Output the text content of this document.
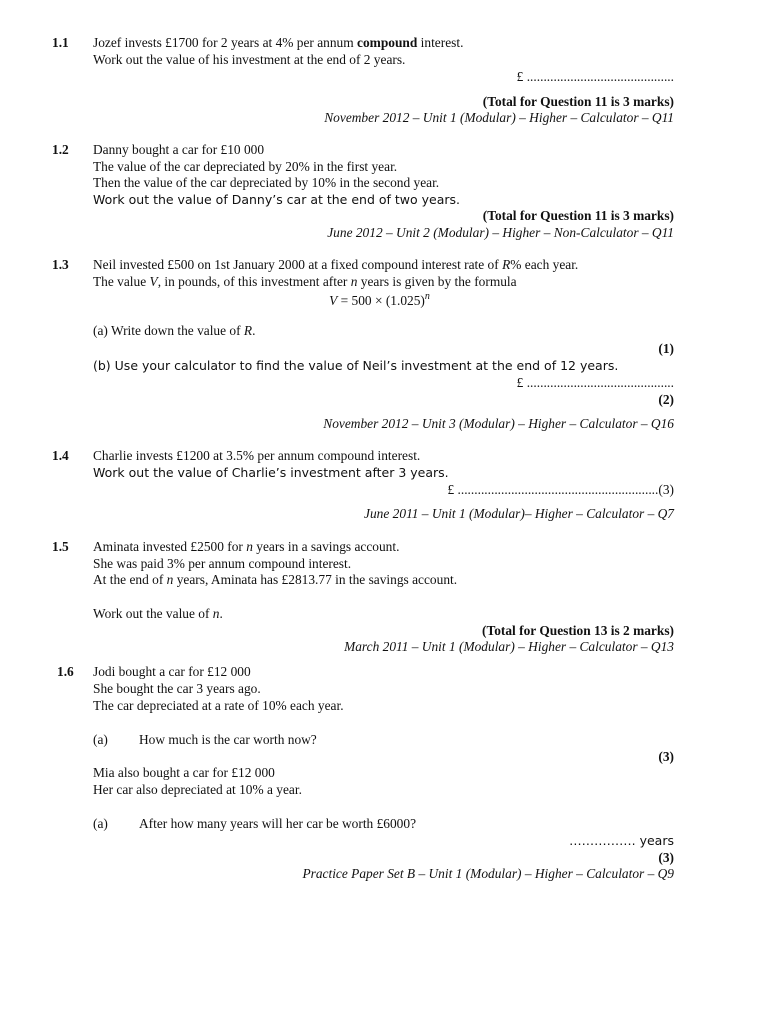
1.1 Jozef invests £1700 for 2 years at 4% per annum compound interest.
Work out the value of his investment at the end of 2 years.
£ ............................................
(Total for Question 11 is 3 marks)
November 2012 – Unit 1 (Modular) – Higher – Calculator – Q11
1.2 Danny bought a car for £10 000
The value of the car depreciated by 20% in the first year.
Then the value of the car depreciated by 10% in the second year.
Work out the value of Danny’s car at the end of two years.
(Total for Question 11 is 3 marks)
June 2012 – Unit 2 (Modular) – Higher – Non-Calculator – Q11
1.3 Neil invested £500 on 1st January 2000 at a fixed compound interest rate of R% each year.
The value V, in pounds, of this investment after n years is given by the formula
$V = 500 \times (1.025)^n$
(a) Write down the value of R.
(1)
(b) Use your calculator to find the value of Neil’s investment at the end of 12 years.
£ ............................................
(2)
November 2012 – Unit 3 (Modular) – Higher – Calculator – Q16
1.4 Charlie invests £1200 at 3.5% per annum compound interest.
Work out the value of Charlie’s investment after 3 years.
£ ............................................................(3)
June 2011 – Unit 1 (Modular)– Higher – Calculator – Q7
1.5 Aminata invested £2500 for n years in a savings account.
She was paid 3% per annum compound interest.
At the end of n years, Aminata has £2813.77 in the savings account.
Work out the value of n.
(Total for Question 13 is 2 marks)
March 2011 – Unit 1 (Modular) – Higher – Calculator – Q13
1.6 Jodi bought a car for £12 000
She bought the car 3 years ago.
The car depreciated at a rate of 10% each year.
(a) How much is the car worth now?
(3)
Mia also bought a car for £12 000
Her car also depreciated at 10% a year.
(a) After how many years will her car be worth £6000?
……………. years
(3)
Practice Paper Set B – Unit 1 (Modular) – Higher – Calculator – Q9
